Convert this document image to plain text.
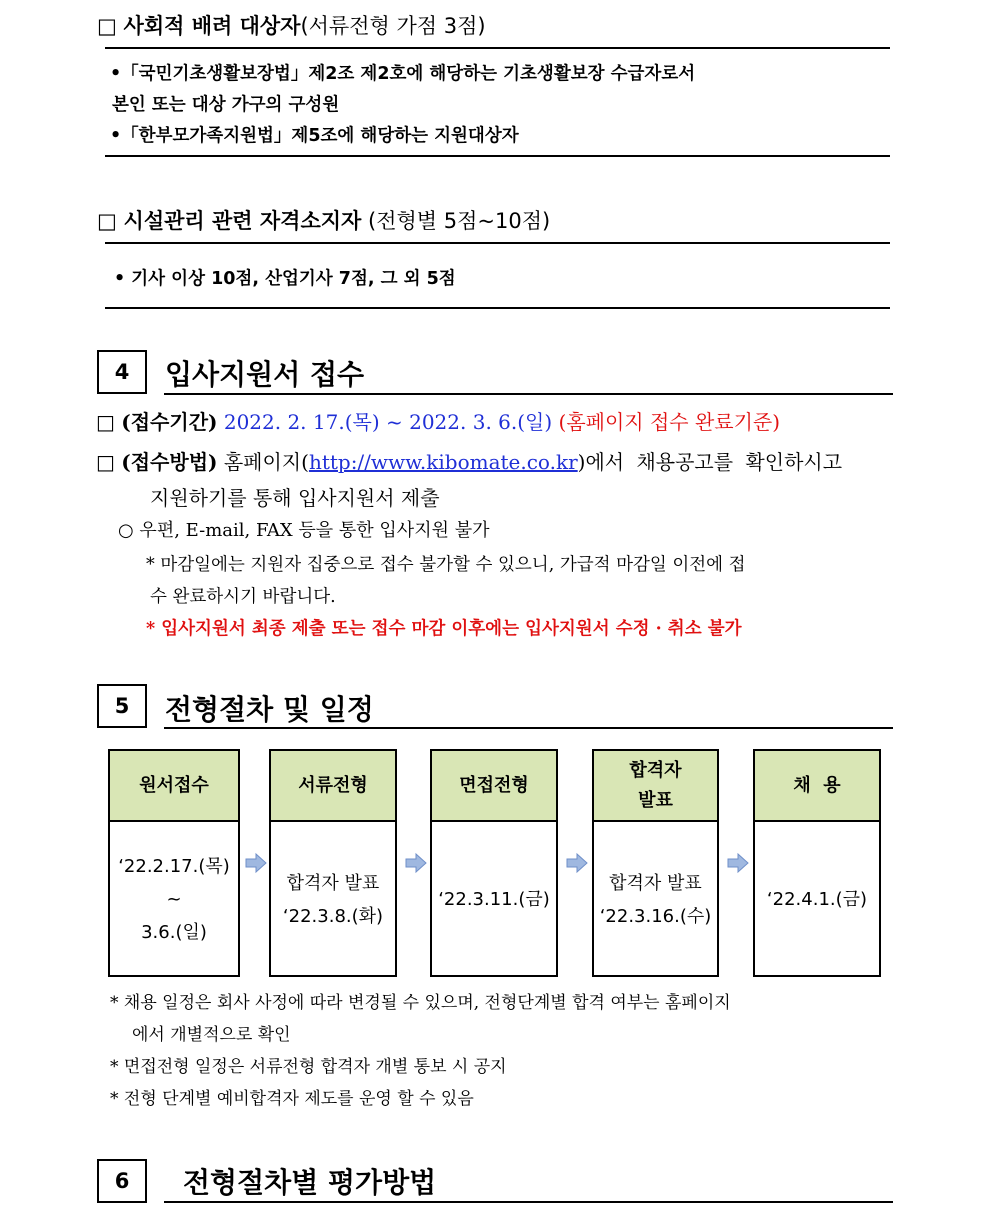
□ 사회적 배려 대상자(서류전형 가점 3점)
•「국민기초생활보장법」제2조 제2호에 해당하는 기초생활보장 수급자로서
본인 또는 대상 가구의 구성원
•「한부모가족지원법」제5조에 해당하는 지원대상자
□ 시설관리 관련 자격소지자 (전형별 5점~10점)
• 기사 이상 10점, 산업기사 7점, 그 외 5점
4	입사지원서 접수
□ (접수기간) 2022. 2. 17.(목) ~ 2022. 3. 6.(일) (홈페이지 접수 완료기준)
□ (접수방법) 홈페이지(http://www.kibomate.co.kr)에서 채용공고를 확인하시고
지원하기를 통해 입사지원서 제출
○ 우편, E-mail, FAX 등을 통한 입사지원 불가
* 마감일에는 지원자 집중으로 접수 불가할 수 있으니, 가급적 마감일 이전에 접
수 완료하시기 바랍니다.
* 입사지원서 최종 제출 또는 접수 마감 이후에는 입사지원서 수정 · 취소 불가
5	전형절차 및 일정
원서접수
‘22.2.17.(목)
~
3.6.(일)
서류전형
합격자 발표
‘22.3.8.(화)
면접전형
‘22.3.11.(금)
합격자
발표
합격자 발표
‘22.3.16.(수)
채  용
‘22.4.1.(금)
* 채용 일정은 회사 사정에 따라 변경될 수 있으며, 전형단계별 합격 여부는 홈페이지
에서 개별적으로 확인
* 면접전형 일정은 서류전형 합격자 개별 통보 시 공지
* 전형 단계별 예비합격자 제도를 운영 할 수 있음
6	전형절차별 평가방법
